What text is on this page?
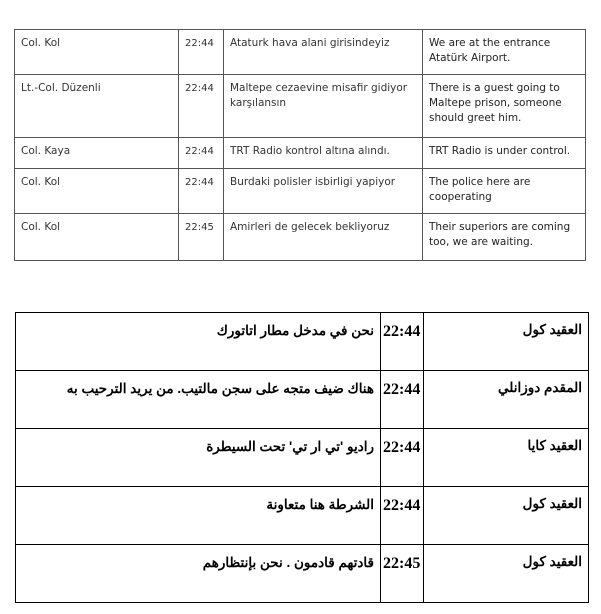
Col. Kol	22:44	Ataturk hava alani girisindeyiz	We are at the entrance Atatürk Airport.
Lt.-Col. Düzenli	22:44	Maltepe cezaevine misafir gidiyor karşılansın	There is a guest going to Maltepe prison, someone should greet him.
Col. Kaya	22:44	TRT Radio kontrol altına alındı.	TRT Radio is under control.
Col. Kol	22:44	Burdaki polisler isbirligi yapiyor	The police here are cooperating
Col. Kol	22:45	Amirleri de gelecek bekliyoruz	Their superiors are coming too, we are waiting.
العقيد كول	22:44	نحن في مدخل مطار اتاتورك
المقدم دوزانلي	22:44	هناك ضيف متجه على سجن مالتيب. من يريد الترحيب به
العقيد كايا	22:44	راديو 'تي ار تي' تحت السيطرة
العقيد كول	22:44	الشرطة هنا متعاونة
العقيد كول	22:45	قادتهم قادمون . نحن بإنتظارهم
